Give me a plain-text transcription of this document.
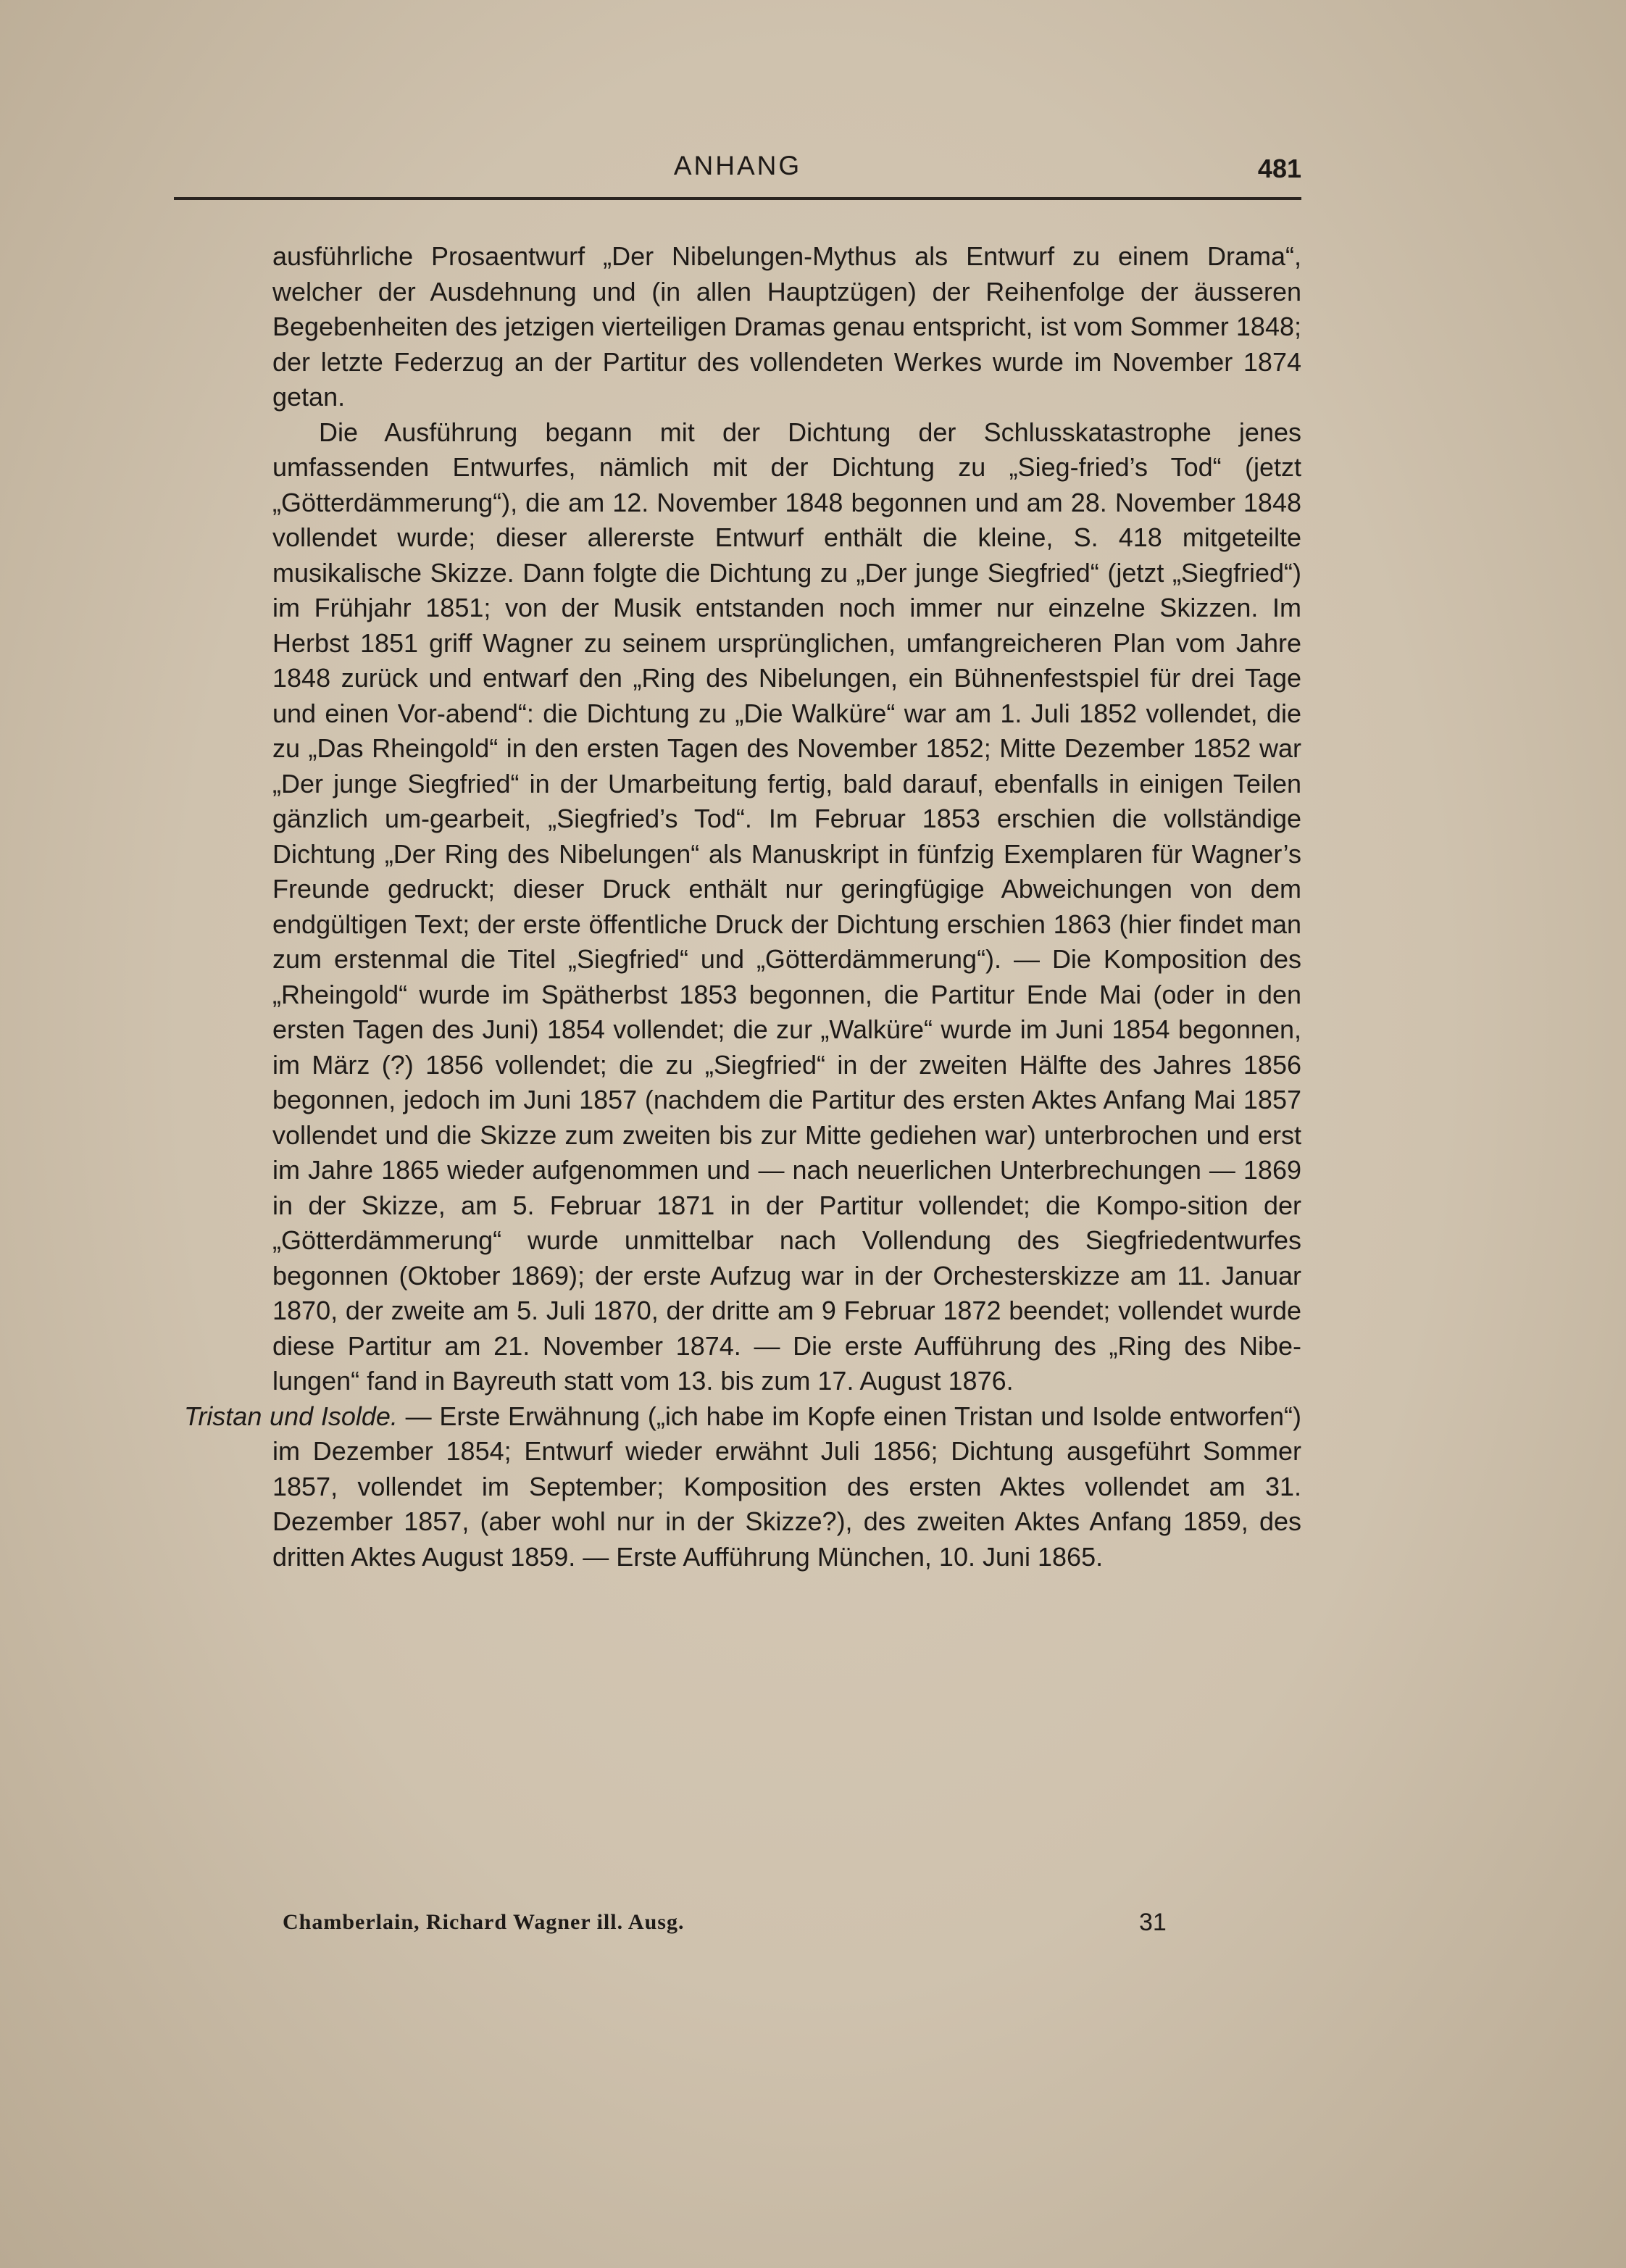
ANHANG	481

ausführliche Prosaentwurf „Der Nibelungen-Mythus als Entwurf zu einem Drama“, welcher der Ausdehnung und (in allen Hauptzügen) der Reihenfolge der äusseren Begebenheiten des jetzigen vierteiligen Dramas genau entspricht, ist vom Sommer 1848; der letzte Federzug an der Partitur des vollendeten Werkes wurde im November 1874 getan.

Die Ausführung begann mit der Dichtung der Schlusskatastrophe jenes umfassenden Entwurfes, nämlich mit der Dichtung zu „Sieg-fried’s Tod“ (jetzt „Götterdämmerung“), die am 12. November 1848 begonnen und am 28. November 1848 vollendet wurde; dieser allererste Entwurf enthält die kleine, S. 418 mitgeteilte musikalische Skizze. Dann folgte die Dichtung zu „Der junge Siegfried“ (jetzt „Siegfried“) im Frühjahr 1851; von der Musik entstanden noch immer nur einzelne Skizzen. Im Herbst 1851 griff Wagner zu seinem ursprünglichen, umfangreicheren Plan vom Jahre 1848 zurück und entwarf den „Ring des Nibelungen, ein Bühnenfestspiel für drei Tage und einen Vor-abend“: die Dichtung zu „Die Walküre“ war am 1. Juli 1852 vollendet, die zu „Das Rheingold“ in den ersten Tagen des November 1852; Mitte Dezember 1852 war „Der junge Siegfried“ in der Umarbeitung fertig, bald darauf, ebenfalls in einigen Teilen gänzlich um-gearbeit, „Siegfried’s Tod“. Im Februar 1853 erschien die vollständige Dichtung „Der Ring des Nibelungen“ als Manuskript in fünfzig Exemplaren für Wagner’s Freunde gedruckt; dieser Druck enthält nur geringfügige Abweichungen von dem endgültigen Text; der erste öffentliche Druck der Dichtung erschien 1863 (hier findet man zum erstenmal die Titel „Siegfried“ und „Götterdämmerung“). — Die Komposition des „Rheingold“ wurde im Spätherbst 1853 begonnen, die Partitur Ende Mai (oder in den ersten Tagen des Juni) 1854 vollendet; die zur „Walküre“ wurde im Juni 1854 begonnen, im März (?) 1856 vollendet; die zu „Siegfried“ in der zweiten Hälfte des Jahres 1856 begonnen, jedoch im Juni 1857 (nachdem die Partitur des ersten Aktes Anfang Mai 1857 vollendet und die Skizze zum zweiten bis zur Mitte gediehen war) unterbrochen und erst im Jahre 1865 wieder aufgenommen und — nach neuerlichen Unterbrechungen — 1869 in der Skizze, am 5. Februar 1871 in der Partitur vollendet; die Kompo-sition der „Götterdämmerung“ wurde unmittelbar nach Vollendung des Siegfriedentwurfes begonnen (Oktober 1869); der erste Aufzug war in der Orchesterskizze am 11. Januar 1870, der zweite am 5. Juli 1870, der dritte am 9 Februar 1872 beendet; vollendet wurde diese Partitur am 21. November 1874. — Die erste Aufführung des „Ring des Nibe-lungen“ fand in Bayreuth statt vom 13. bis zum 17. August 1876.

Tristan und Isolde. — Erste Erwähnung („ich habe im Kopfe einen Tristan und Isolde entworfen“) im Dezember 1854; Entwurf wieder erwähnt Juli 1856; Dichtung ausgeführt Sommer 1857, vollendet im September; Komposition des ersten Aktes vollendet am 31. Dezember 1857, (aber wohl nur in der Skizze?), des zweiten Aktes Anfang 1859, des dritten Aktes August 1859. — Erste Aufführung München, 10. Juni 1865.

Chamberlain, Richard Wagner ill. Ausg.	31
